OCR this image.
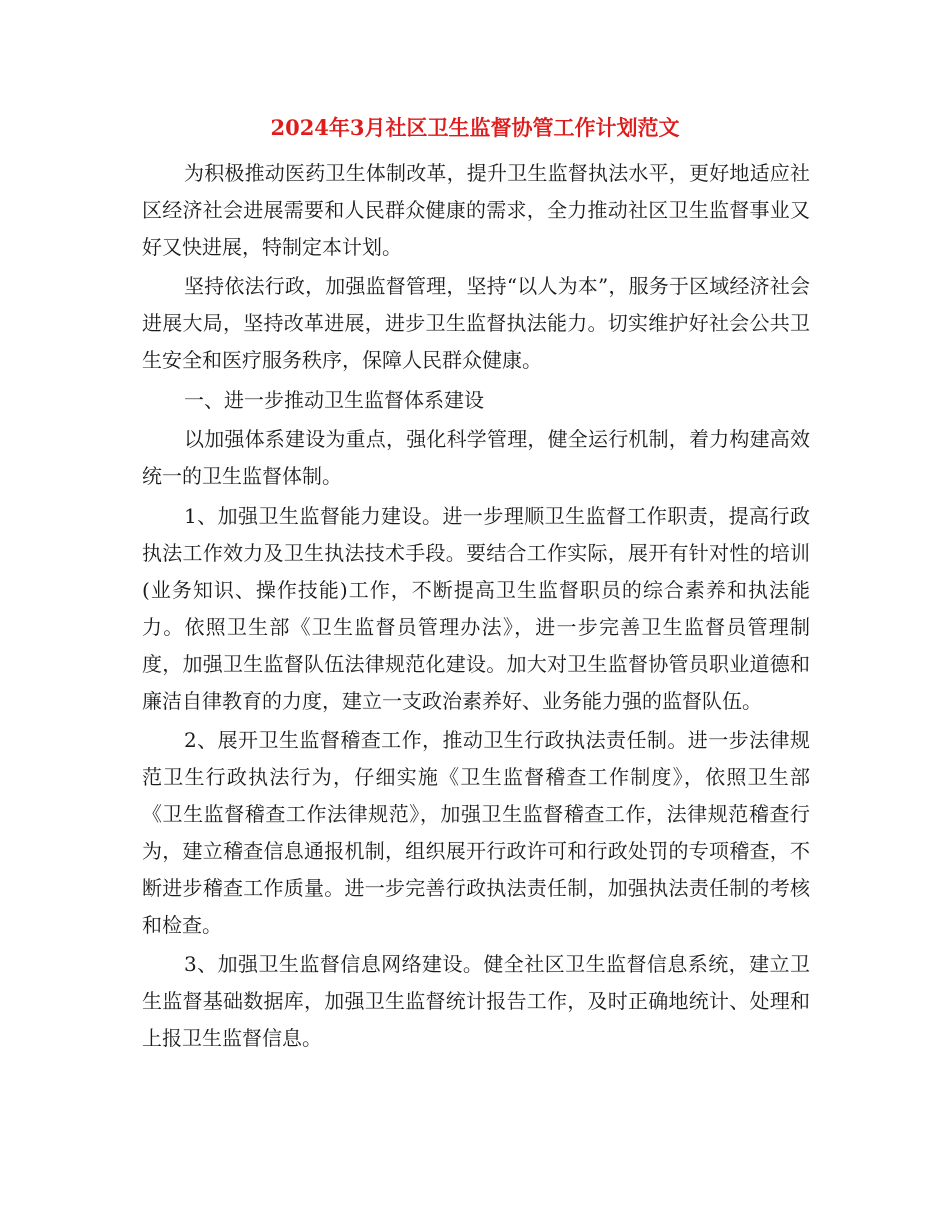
2024年3月社区卫生监督协管工作计划范文

为积极推动医药卫生体制改革，提升卫生监督执法水平，更好地适应社区经济社会进展需要和人民群众健康的需求，全力推动社区卫生监督事业又好又快进展，特制定本计划。

坚持依法行政，加强监督管理，坚持“以人为本”，服务于区域经济社会进展大局，坚持改革进展，进步卫生监督执法能力。切实维护好社会公共卫生安全和医疗服务秩序，保障人民群众健康。

一、进一步推动卫生监督体系建设

以加强体系建设为重点，强化科学管理，健全运行机制，着力构建高效统一的卫生监督体制。

1、加强卫生监督能力建设。进一步理顺卫生监督工作职责，提高行政执法工作效力及卫生执法技术手段。要结合工作实际，展开有针对性的培训(业务知识、操作技能)工作，不断提高卫生监督职员的综合素养和执法能力。依照卫生部《卫生监督员管理办法》，进一步完善卫生监督员管理制度，加强卫生监督队伍法律规范化建设。加大对卫生监督协管员职业道德和廉洁自律教育的力度，建立一支政治素养好、业务能力强的监督队伍。

2、展开卫生监督稽查工作，推动卫生行政执法责任制。进一步法律规范卫生行政执法行为，仔细实施《卫生监督稽查工作制度》，依照卫生部《卫生监督稽查工作法律规范》，加强卫生监督稽查工作，法律规范稽查行为，建立稽查信息通报机制，组织展开行政许可和行政处罚的专项稽查，不断进步稽查工作质量。进一步完善行政执法责任制，加强执法责任制的考核和检查。

3、加强卫生监督信息网络建设。健全社区卫生监督信息系统，建立卫生监督基础数据库，加强卫生监督统计报告工作，及时正确地统计、处理和上报卫生监督信息。
